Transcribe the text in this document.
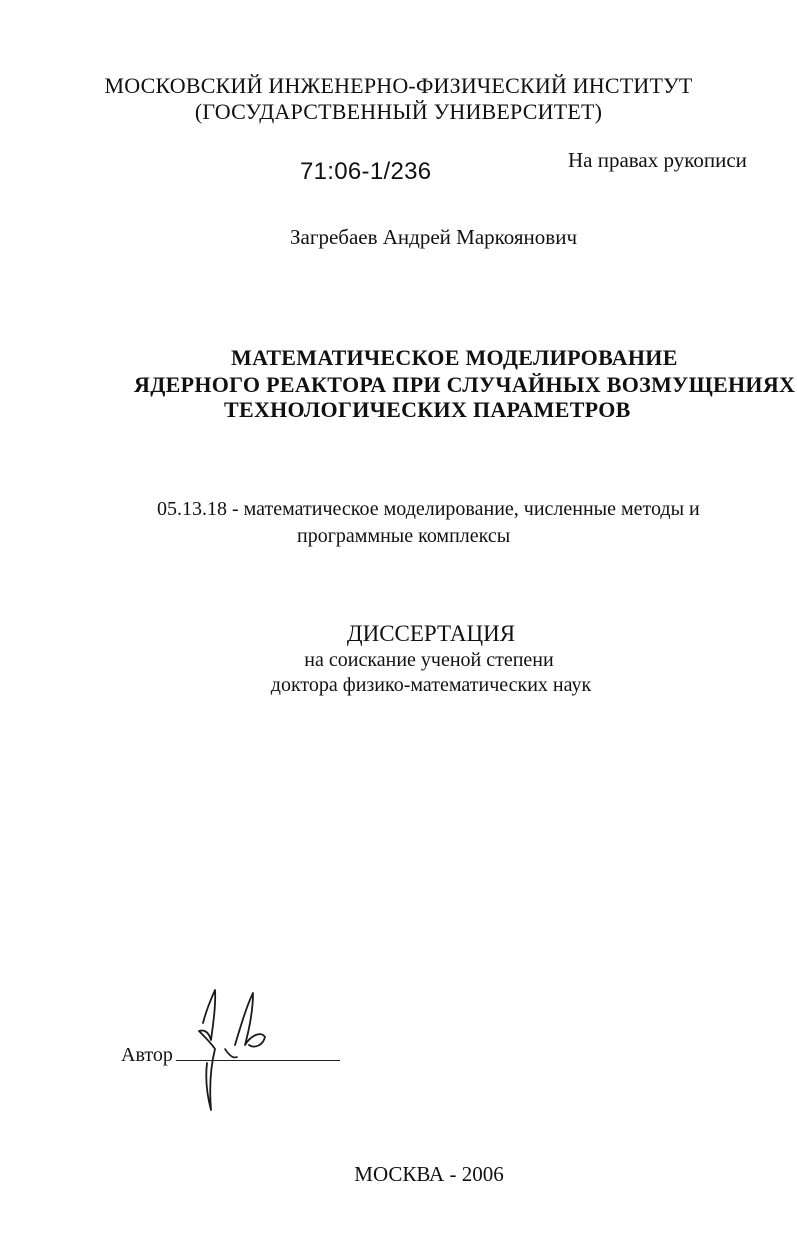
МОСКОВСКИЙ ИНЖЕНЕРНО-ФИЗИЧЕСКИЙ ИНСТИТУТ
(ГОСУДАРСТВЕННЫЙ УНИВЕРСИТЕТ)
71:06-1/236	На правах рукописи
Загребаев Андрей Маркоянович
МАТЕМАТИЧЕСКОЕ МОДЕЛИРОВАНИЕ
ЯДЕРНОГО РЕАКТОРА ПРИ СЛУЧАЙНЫХ ВОЗМУЩЕНИЯХ
ТЕХНОЛОГИЧЕСКИХ ПАРАМЕТРОВ
05.13.18 - математическое моделирование, численные методы и
программные комплексы
ДИССЕРТАЦИЯ
на соискание ученой степени
доктора физико-математических наук
Автор
МОСКВА - 2006
